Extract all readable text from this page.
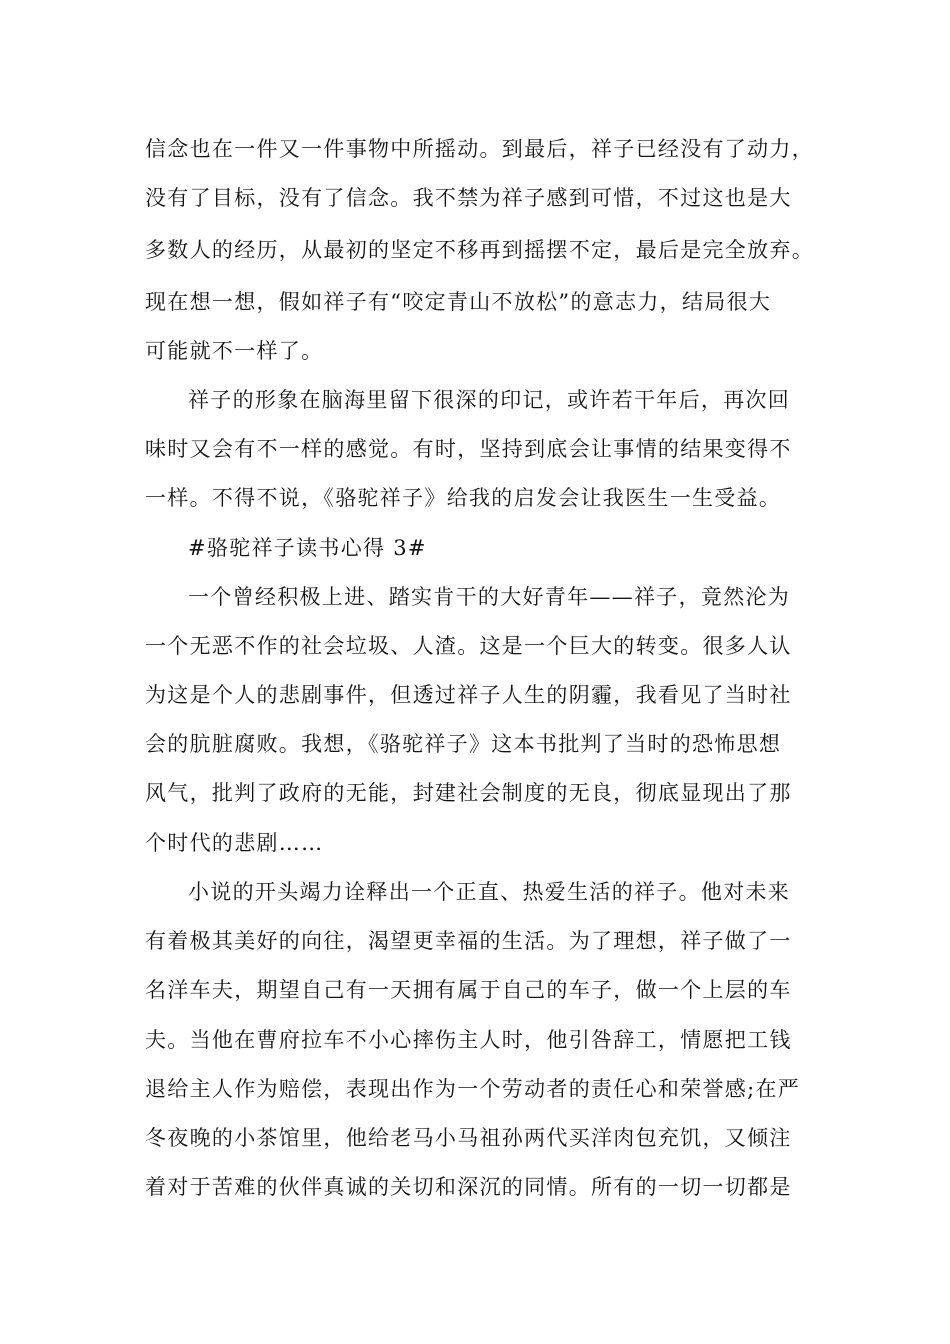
信念也在一件又一件事物中所摇动。到最后，祥子已经没有了动力，
没有了目标，没有了信念。我不禁为祥子感到可惜，不过这也是大
多数人的经历，从最初的坚定不移再到摇摆不定，最后是完全放弃。
现在想一想，假如祥子有“咬定青山不放松”的意志力，结局很大
可能就不一样了。
祥子的形象在脑海里留下很深的印记，或许若干年后，再次回
味时又会有不一样的感觉。有时，坚持到底会让事情的结果变得不
一样。不得不说，《骆驼祥子》给我的启发会让我医生一生受益。
#骆驼祥子读书心得 3#
一个曾经积极上进、踏实肯干的大好青年——祥子，竟然沦为
一个无恶不作的社会垃圾、人渣。这是一个巨大的转变。很多人认
为这是个人的悲剧事件，但透过祥子人生的阴霾，我看见了当时社
会的肮脏腐败。我想，《骆驼祥子》这本书批判了当时的恐怖思想
风气，批判了政府的无能，封建社会制度的无良，彻底显现出了那
个时代的悲剧……
小说的开头竭力诠释出一个正直、热爱生活的祥子。他对未来
有着极其美好的向往，渴望更幸福的生活。为了理想，祥子做了一
名洋车夫，期望自己有一天拥有属于自己的车子，做一个上层的车
夫。当他在曹府拉车不小心摔伤主人时，他引咎辞工，情愿把工钱
退给主人作为赔偿，表现出作为一个劳动者的责任心和荣誉感;在严
冬夜晚的小茶馆里，他给老马小马祖孙两代买洋肉包充饥，又倾注
着对于苦难的伙伴真诚的关切和深沉的同情。所有的一切一切都是
